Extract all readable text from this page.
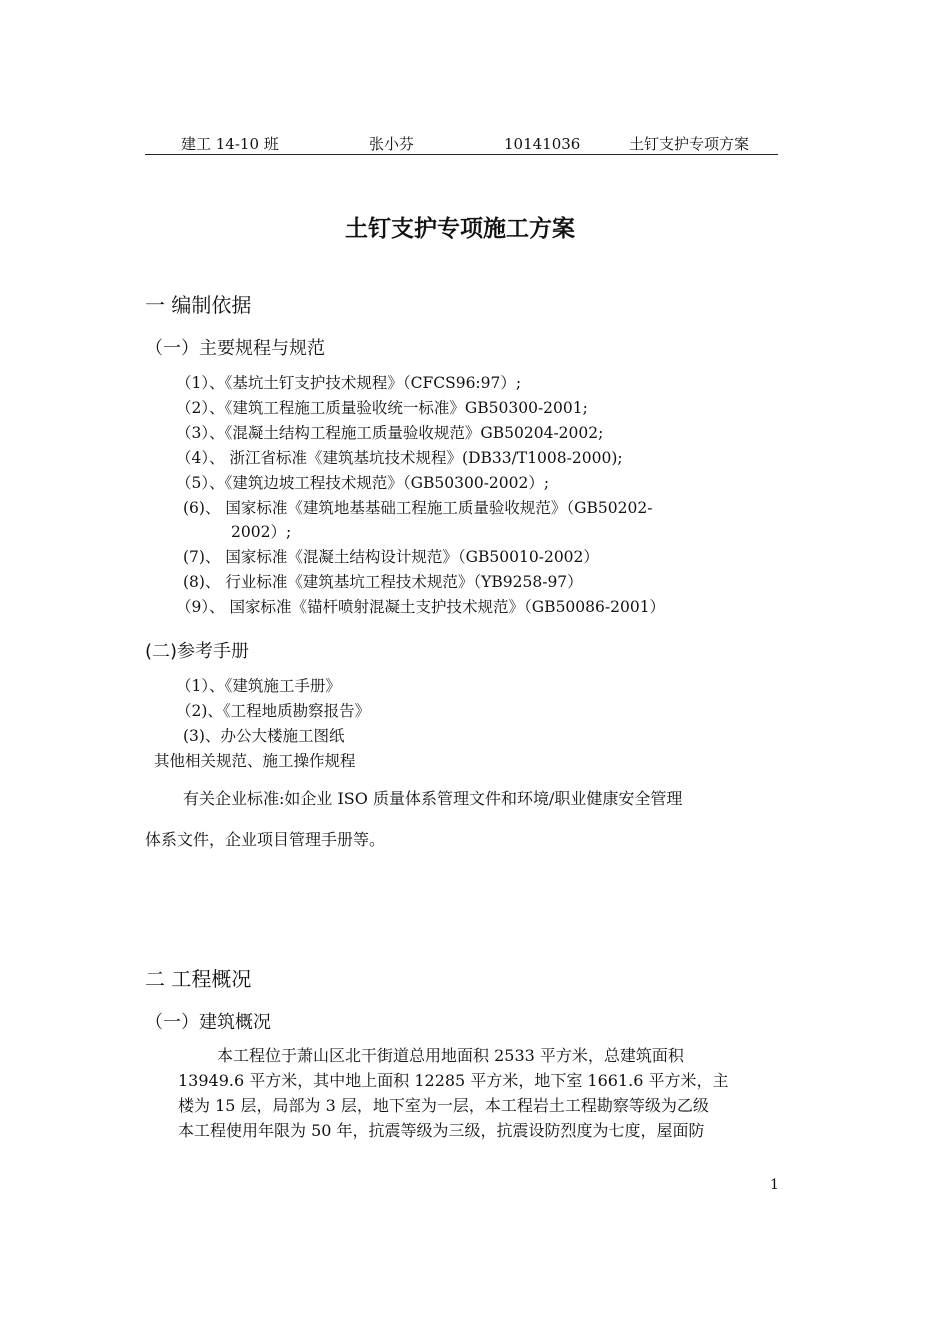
建工 14-10 班	张小芬	10141036	土钉支护专项方案
土钉支护专项施工方案
一 编制依据
（一）主要规程与规范
（1）、《基坑土钉支护技术规程》（CFCS96:97）;
（2）、《建筑工程施工质量验收统一标准》GB50300-2001;
（3）、《混凝土结构工程施工质量验收规范》GB50204-2002;
（4）、 浙江省标准《建筑基坑技术规程》(DB33/T1008-2000);
（5）、《建筑边坡工程技术规范》（GB50300-2002）;
(6)、 国家标准《建筑地基基础工程施工质量验收规范》（GB50202-
2002）;
(7)、 国家标准《混凝土结构设计规范》（GB50010-2002）
(8)、 行业标准《建筑基坑工程技术规范》（YB9258-97）
（9）、 国家标准《锚杆喷射混凝土支护技术规范》（GB50086-2001）
(二)参考手册
（1）、《建筑施工手册》
（2)、《工程地质勘察报告》
(3)、办公大楼施工图纸
其他相关规范、施工操作规程
有关企业标准:如企业 ISO 质量体系管理文件和环境/职业健康安全管理
体系文件，企业项目管理手册等。
二 工程概况
（一）建筑概况
本工程位于萧山区北干街道总用地面积 2533 平方米，总建筑面积
13949.6 平方米，其中地上面积 12285 平方米，地下室 1661.6 平方米，主
楼为 15 层，局部为 3 层，地下室为一层，本工程岩土工程勘察等级为乙级
本工程使用年限为 50 年，抗震等级为三级，抗震设防烈度为七度，屋面防
1
